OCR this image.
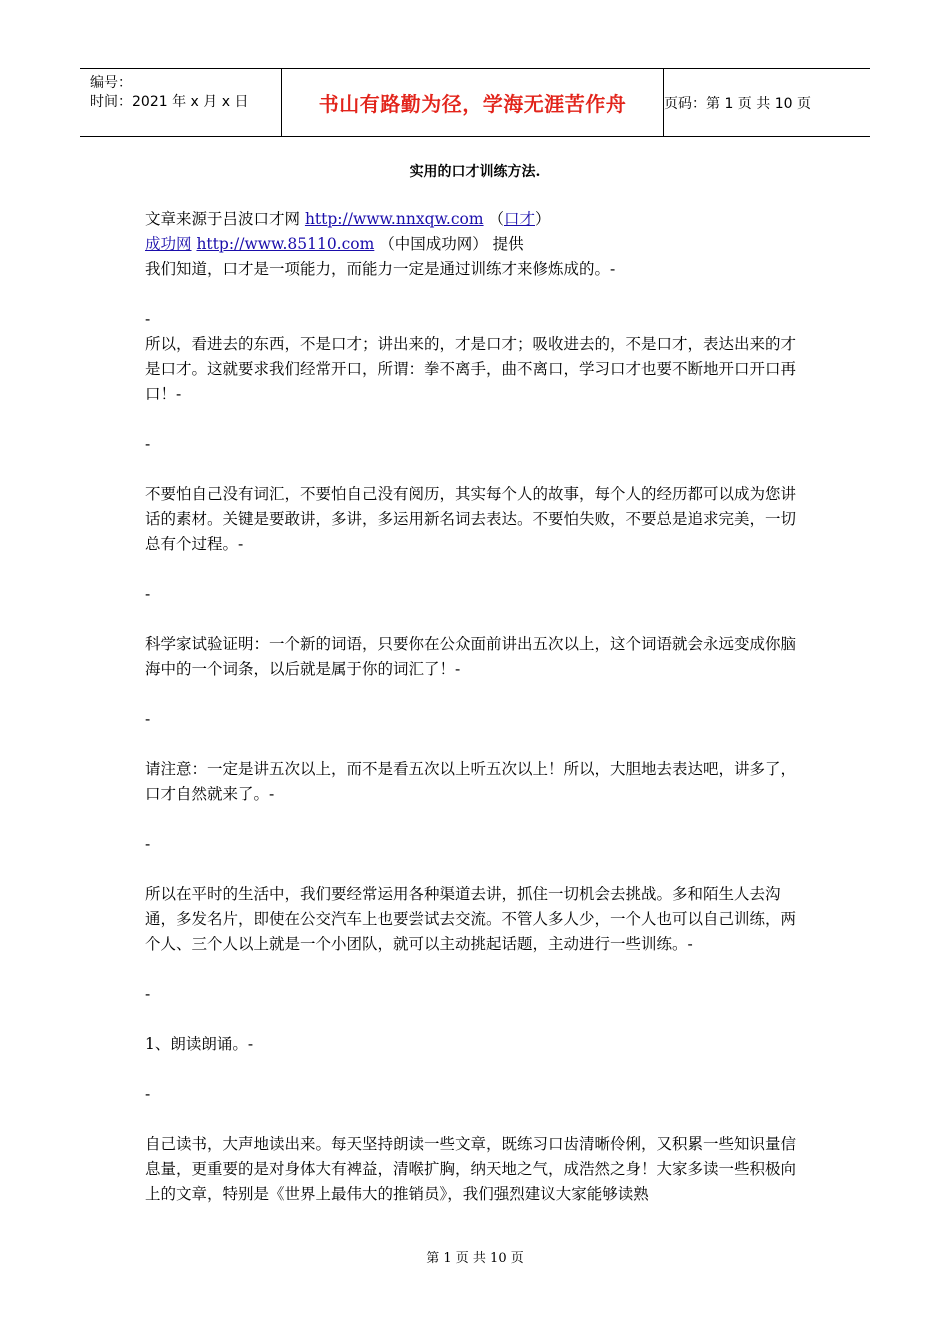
编号：
时间：2021 年 x 月 x 日	书山有路勤为径，学海无涯苦作舟	页码：第 1 页 共 10 页
实用的口才训练方法.

文章来源于吕波口才网 http://www.nnxqw.com （口才）

成功网 http://www.85110.com （中国成功网） 提供

我们知道，口才是一项能力，而能力一定是通过训练才来修炼成的。-

-

所以，看进去的东西，不是口才；讲出来的，才是口才；吸收进去的，不是口才，表达出来的才是口才。这就要求我们经常开口，所谓：拳不离手，曲不离口，学习口才也要不断地开口开口再口！-

-

不要怕自己没有词汇，不要怕自己没有阅历，其实每个人的故事，每个人的经历都可以成为您讲话的素材。关键是要敢讲，多讲，多运用新名词去表达。不要怕失败，不要总是追求完美，一切总有个过程。-

-

科学家试验证明：一个新的词语，只要你在公众面前讲出五次以上，这个词语就会永远变成你脑海中的一个词条，以后就是属于你的词汇了！-

-

请注意：一定是讲五次以上，而不是看五次以上听五次以上！所以，大胆地去表达吧，讲多了，口才自然就来了。-

-

所以在平时的生活中，我们要经常运用各种渠道去讲，抓住一切机会去挑战。多和陌生人去沟通，多发名片，即使在公交汽车上也要尝试去交流。不管人多人少，一个人也可以自己训练，两个人、三个人以上就是一个小团队，就可以主动挑起话题，主动进行一些训练。-

-

1、朗读朗诵。-

-

自己读书，大声地读出来。每天坚持朗读一些文章，既练习口齿清晰伶俐，又积累一些知识量信息量，更重要的是对身体大有裨益，清喉扩胸，纳天地之气，成浩然之身！大家多读一些积极向上的文章，特别是《世界上最伟大的推销员》，我们强烈建议大家能够读熟

第 1 页 共 10 页
